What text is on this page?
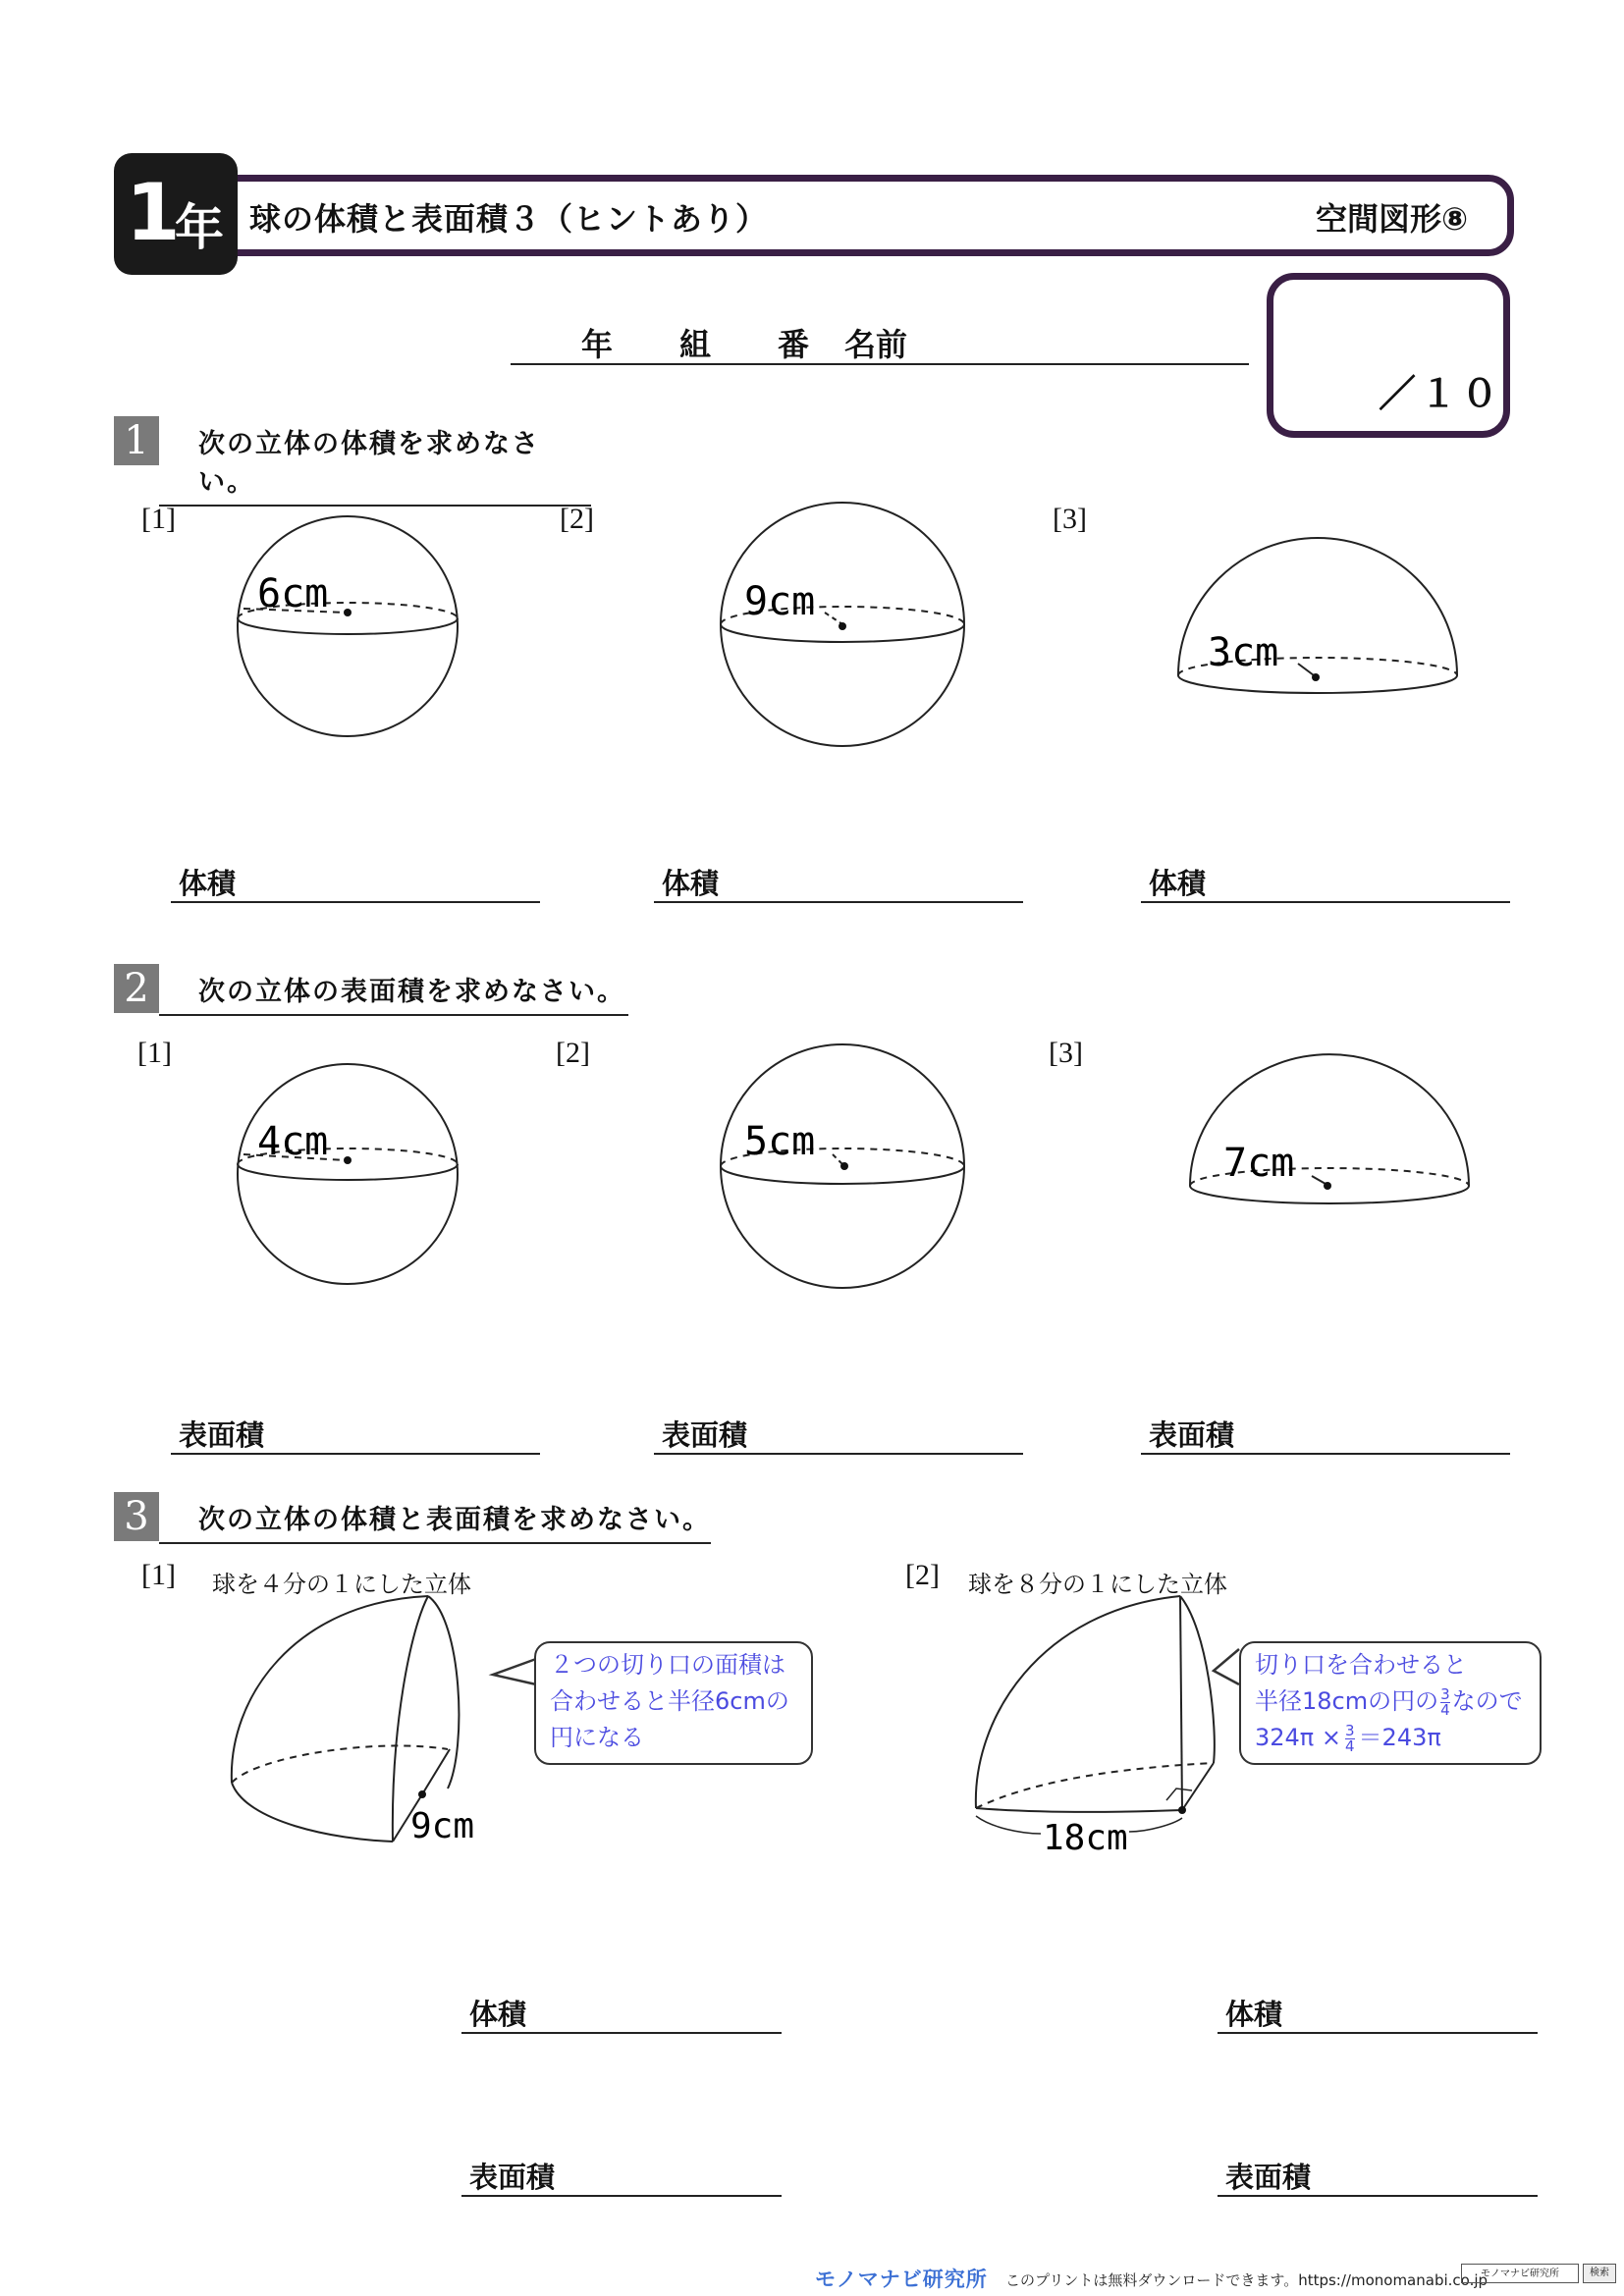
1
年 球の体積と表面積３（ヒントあり）	空間図形⑧
年 組 番 名前
／１０
1	次の立体の体積を求めなさい。
[1]	[2]	[3]
6cm	9cm
3cm
4cm	5cm	7cm
9cm	18cm
体積	体積	体積
2	次の立体の表面積を求めなさい。
[1]	[2]	[3]
表面積	表面積	表面積
3	次の立体の体積と表面積を求めなさい。
[1] 球を４分の１にした立体	[2] 球を８分の１にした立体
２つの切り口の面積は
合わせると半径6cmの
円になる
切り口を合わせると
半径18cmの円の $\frac{3}{4}$ なので
$324\pi \times \frac{3}{4} =243\pi$
体積
表面積
体積
表面積
モノマナビ研究所 このプリントは無料ダウンロードできます。https://monomanabi.co.jp
モノマナビ研究所	検索
